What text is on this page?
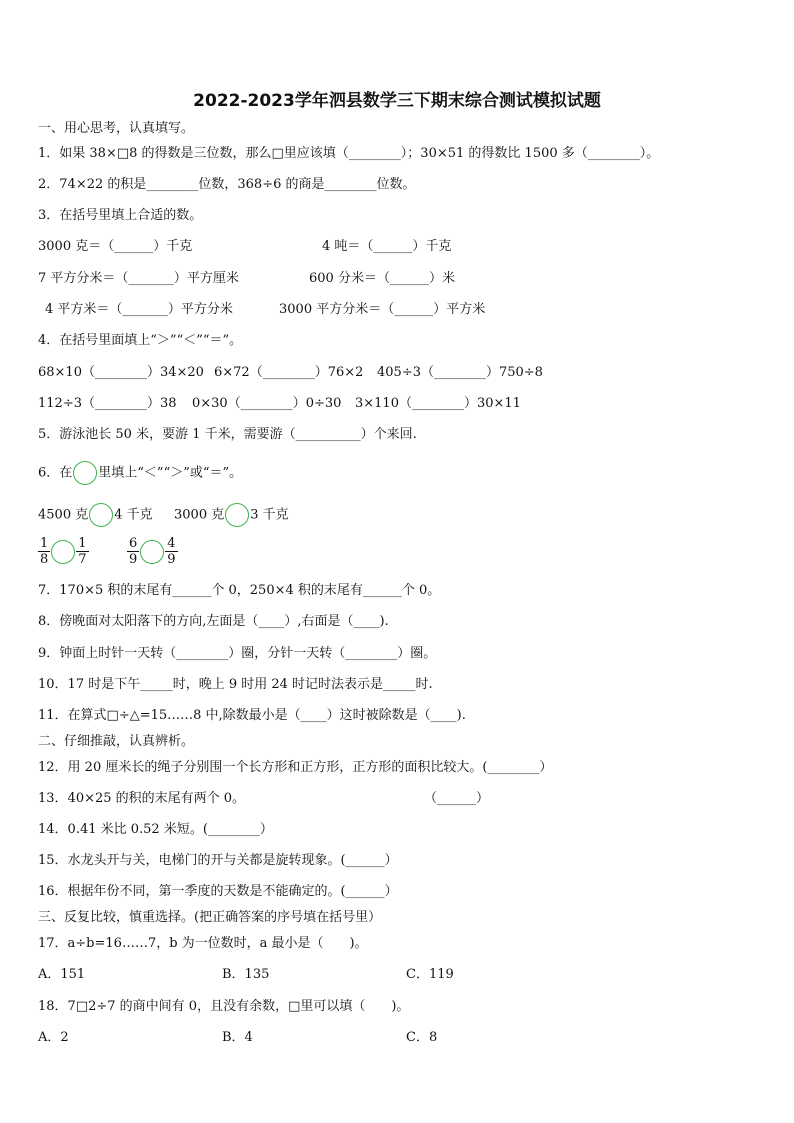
2022-2023学年泗县数学三下期末综合测试模拟试题
一、用心思考，认真填写。
1．如果 38×□8 的得数是三位数，那么□里应该填（________）；30×51 的得数比 1500 多（________）。
2．74×22 的积是________位数，368÷6 的商是________位数。
3．在括号里填上合适的数。
3000 克＝（______）千克	4 吨＝（______）千克
7 平方分米＝（_______）平方厘米	600 分米＝（______）米
4 平方米＝（_______）平方分米	3000 平方分米＝（______）平方米
4．在括号里面填上“＞”“＜”“＝”。
68×10（________）34×20 6×72（________）76×2 405÷3（________）750÷8
112÷3（________）38 0×30（________）0÷30 3×110（________）30×11
5．游泳池长 50 米，要游 1 千米，需要游（__________）个来回.
6．在 里填上“＜”“＞”或“＝”。
4500 克 4 千克 3000 克 3 千克
1
8
1
7
6
9
4
9
7．170×5 积的末尾有______个 0，250×4 积的末尾有______个 0。
8．傍晚面对太阳落下的方向,左面是（____）,右面是（____).
9．钟面上时针一天转（________）圈，分针一天转（________）圈。
10．17 时是下午_____时，晚上 9 时用 24 时记时法表示是_____时.
11．在算式□÷△=15……8 中,除数最小是（____）这时被除数是（____).
二、仔细推敲，认真辨析。
12．用 20 厘米长的绳子分别围一个长方形和正方形，正方形的面积比较大。(________）
13．40×25 的积的末尾有两个 0。	（______）
14．0.41 米比 0.52 米短。(________）
15．水龙头开与关，电梯门的开与关都是旋转现象。(______）
16．根据年份不同，第一季度的天数是不能确定的。(______）
三、反复比较，慎重选择。(把正确答案的序号填在括号里）
17．a÷b=16……7，b 为一位数时，a 最小是（　　)。
A．151	B．135	C．119
18．7□2÷7 的商中间有 0，且没有余数，□里可以填（　　)。
A．2	B．4	C．8
